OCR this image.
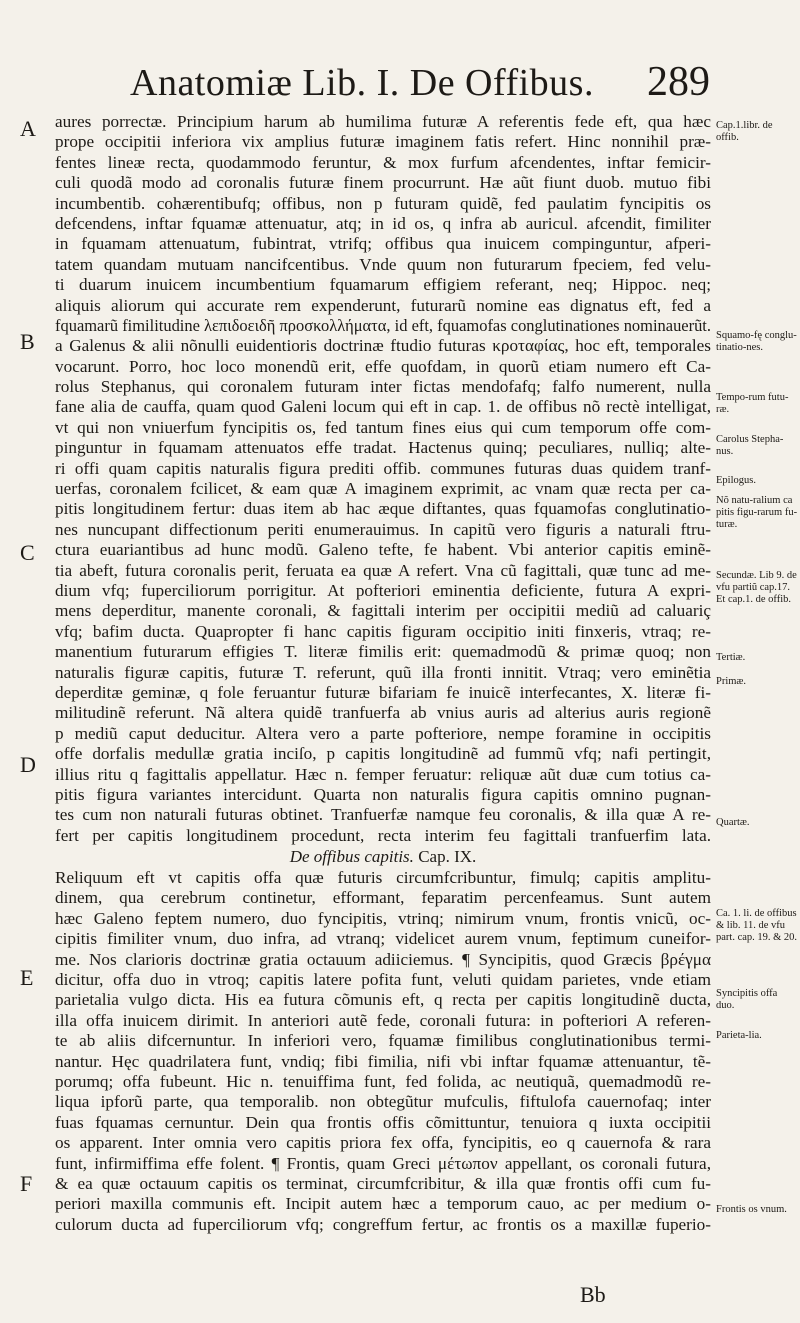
Anatomiæ Lib. I. De Offibus. 289
A
B
C
D
E
F
aures porrectæ. Principium harum ab humilima futuræ A referentis fede eft, qua hæc
prope occipitii inferiora vix amplius futuræ imaginem fatis refert. Hinc nonnihil præ-
fentes lineæ recta, quodammodo feruntur, & mox furfum afcendentes, inftar femicir-
culi quodã modo ad coronalis futuræ finem procurrunt. Hæ aũt fiunt duob. mutuo fibi
incumbentib. cohærentibufq; offibus, non p futuram quidẽ, fed paulatim fyncipitis os
defcendens, inftar fquamæ attenuatur, atq; in id os, q infra ab auricul. afcendit, fimiliter
in fquamam attenuatum, fubintrat, vtrifq; offibus qua inuicem compinguntur, afperi-
tatem quandam mutuam nancifcentibus. Vnde quum non futurarum fpeciem, fed velu-
ti duarum inuicem incumbentium fquamarum effigiem referant, neq; Hippoc. neq;
aliquis aliorum qui accurate rem expenderunt, futurarũ nomine eas dignatus eft, fed a
fquamarũ fimilitudine λεπιδοειδῆ προσκολλήματα, id eft, fquamofas conglutinationes nominauerũt.
a Galenus & alii nõnulli euidentioris doctrinæ ftudio futuras κροταφίας, hoc eft, temporales
vocarunt. Porro, hoc loco monendũ erit, effe quofdam, in quorũ etiam numero eft Ca-
rolus Stephanus, qui coronalem futuram inter fictas mendofafq; falfo numerent, nulla
fane alia de cauffa, quam quod Galeni locum qui eft in cap. 1. de offibus nõ rectè intelligat,
vt qui non vniuerfum fyncipitis os, fed tantum fines eius qui cum temporum offe com-
pinguntur in fquamam attenuatos effe tradat. Hactenus quinq; peculiares, nulliq; alte-
ri offi quam capitis naturalis figura prediti offib. communes futuras duas quidem tranf-
uerfas, coronalem fcilicet, & eam quæ A imaginem exprimit, ac vnam quæ recta per ca-
pitis longitudinem fertur: duas item ab hac æque diftantes, quas fquamofas conglutinatio-
nes nuncupant diffectionum periti enumerauimus. In capitũ vero figuris a naturali ftru-
ctura euariantibus ad hunc modũ. Galeno tefte, fe habent. Vbi anterior capitis eminẽ-
tia abeft, futura coronalis perit, feruata ea quæ A refert. Vna cũ fagittali, quæ tunc ad me-
dium vfq; fuperciliorum porrigitur. At pofteriori eminentia deficiente, futura A expri-
mens deperditur, manente coronali, & fagittali interim per occipitii mediũ ad caluariç
vfq; bafim ducta. Quapropter fi hanc capitis figuram occipitio initi finxeris, vtraq; re-
manentium futurarum effigies T. literæ fimilis erit: quemadmodũ & primæ quoq; non
naturalis figuræ capitis, futuræ T. referunt, quũ illa fronti innitit. Vtraq; vero eminẽtia
deperditæ geminæ, q fole feruantur futuræ bifariam fe inuicẽ interfecantes, X. literæ fi-
militudinẽ referunt. Nã altera quidẽ tranfuerfa ab vnius auris ad alterius auris regionẽ
p mediũ caput deducitur. Altera vero a parte pofteriore, nempe foramine in occipitis
offe dorfalis medullæ gratia inciſo, p capitis longitudinẽ ad fummũ vfq; nafi pertingit,
illius ritu q fagittalis appellatur. Hæc n. femper feruatur: reliquæ aũt duæ cum totius ca-
pitis figura variantes intercidunt. Quarta non naturalis figura capitis omnino pugnan-
tes cum non naturali futuras obtinet. Tranfuerfæ namque feu coronalis, & illa quæ A re-
fert per capitis longitudinem procedunt, recta interim feu fagittali tranfuerfim lata.
De offibus capitis. Cap. IX.
Reliquum eft vt capitis offa quæ futuris circumfcribuntur, fimulq; capitis amplitu-
dinem, qua cerebrum continetur, efformant, feparatim percenfeamus. Sunt autem
hæc Galeno feptem numero, duo fyncipitis, vtrinq; nimirum vnum, frontis vnicũ, oc-
cipitis fimiliter vnum, duo infra, ad vtranq; videlicet aurem vnum, feptimum cuneifor-
me. Nos clarioris doctrinæ gratia octauum adiiciemus. ¶ Syncipitis, quod Græcis βρέγμα
dicitur, offa duo in vtroq; capitis latere pofita funt, veluti quidam parietes, vnde etiam
parietalia vulgo dicta. His ea futura cõmunis eft, q recta per capitis longitudinẽ ducta,
illa offa inuicem dirimit. In anteriori autẽ fede, coronali futura: in pofteriori A referen-
te ab aliis difcernuntur. In inferiori vero, fquamæ fimilibus conglutinationibus termi-
nantur. Hęc quadrilatera funt, vndiq; fibi fimilia, nifi vbi inftar fquamæ attenuantur, tẽ-
porumq; offa fubeunt. Hic n. tenuiffima funt, fed folida, ac neutiquã, quemadmodũ re-
liqua ipforũ parte, qua temporalib. non obtegũtur mufculis, fiftulofa cauernofaq; inter
fuas fquamas cernuntur. Dein qua frontis offis cõmittuntur, tenuiora q iuxta occipitii
os apparent. Inter omnia vero capitis priora fex offa, fyncipitis, eo q cauernofa & rara
funt, infirmiffima effe folent. ¶ Frontis, quam Greci μέτωπον appellant, os coronali futura,
& ea quæ octauum capitis os terminat, circumfcribitur, & illa quæ frontis offi cum fu-
periori maxilla communis eft. Incipit autem hæc a temporum cauo, ac per medium o-
culorum ducta ad fuperciliorum vfq; congreffum fertur, ac frontis os a maxillæ fuperio-
Cap.1.libr. de offib.
Squamo-fę conglu-tinatio-nes.
Tempo-rum futu-ræ.
Carolus Stepha-nus.
Epilogus.
Nõ natu-ralium ca pitis figu-rarum fu-turæ.
Secundæ. Lib 9. de vfu partiũ cap.17. Et cap.1. de offib.
Tertiæ.
Primæ.
Quartæ.
Ca. 1. li. de offibus & lib. 11. de vfu part. cap. 19. & 20.
Syncipitis offa duo.
Parieta-lia.
Frontis os vnum.
Bb
